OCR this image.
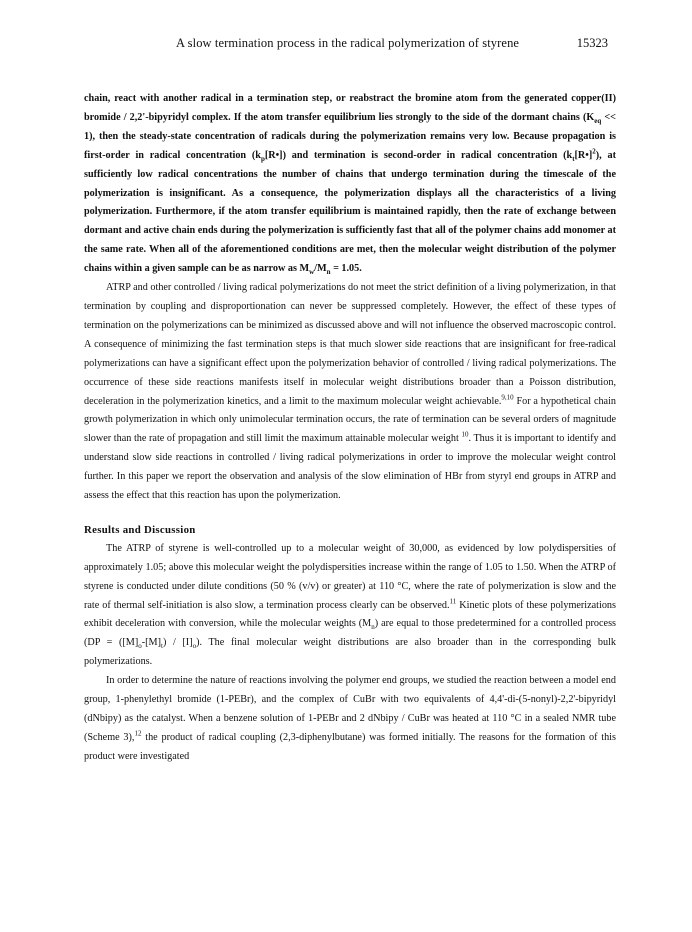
A slow termination process in the radical polymerization of styrene	15323

chain, react with another radical in a termination step, or reabstract the bromine atom from the generated copper(II) bromide / 2,2'-bipyridyl complex. If the atom transfer equilibrium lies strongly to the side of the dormant chains $(K_{eq} << 1)$, then the steady-state concentration of radicals during the polymerization remains very low. Because propagation is first-order in radical concentration $(k_p[R•])$ and termination is second-order in radical concentration $(k_t[R•]^2)$, at sufficiently low radical concentrations the number of chains that undergo termination during the timescale of the polymerization is insignificant. As a consequence, the polymerization displays all the characteristics of a living polymerization. Furthermore, if the atom transfer equilibrium is maintained rapidly, then the rate of exchange between dormant and active chain ends during the polymerization is sufficiently fast that all of the polymer chains add monomer at the same rate. When all of the aforementioned conditions are met, then the molecular weight distribution of the polymer chains within a given sample can be as narrow as $M_w/M_n = 1.05$.

ATRP and other controlled / living radical polymerizations do not meet the strict definition of a living polymerization, in that termination by coupling and disproportionation can never be suppressed completely. However, the effect of these types of termination on the polymerizations can be minimized as discussed above and will not influence the observed macroscopic control. A consequence of minimizing the fast termination steps is that much slower side reactions that are insignificant for free-radical polymerizations can have a significant effect upon the polymerization behavior of controlled / living radical polymerizations. The occurrence of these side reactions manifests itself in molecular weight distributions broader than a Poisson distribution, deceleration in the polymerization kinetics, and a limit to the maximum molecular weight achievable.$^{9,10}$ For a hypothetical chain growth polymerization in which only unimolecular termination occurs, the rate of termination can be several orders of magnitude slower than the rate of propagation and still limit the maximum attainable molecular weight $^{10}$. Thus it is important to identify and understand slow side reactions in controlled / living radical polymerizations in order to improve the molecular weight control further. In this paper we report the observation and analysis of the slow elimination of HBr from styryl end groups in ATRP and assess the effect that this reaction has upon the polymerization.

Results and Discussion

The ATRP of styrene is well-controlled up to a molecular weight of 30,000, as evidenced by low polydispersities of approximately 1.05; above this molecular weight the polydispersities increase within the range of 1.05 to 1.50. When the ATRP of styrene is conducted under dilute conditions (50 % (v/v) or greater) at 110 °C, where the rate of polymerization is slow and the rate of thermal self-initiation is also slow, a termination process clearly can be observed.$^{11}$ Kinetic plots of these polymerizations exhibit deceleration with conversion, while the molecular weights $(M_n)$ are equal to those predetermined for a controlled process $(DP = ([M]_o-[M]_t) / [I]_o)$. The final molecular weight distributions are also broader than in the corresponding bulk polymerizations.

In order to determine the nature of reactions involving the polymer end groups, we studied the reaction between a model end group, 1-phenylethyl bromide (1-PEBr), and the complex of CuBr with two equivalents of 4,4'-di-(5-nonyl)-2,2'-bipyridyl (dNbipy) as the catalyst. When a benzene solution of 1-PEBr and 2 dNbipy / CuBr was heated at 110 °C in a sealed NMR tube (Scheme 3),$^{12}$ the product of radical coupling (2,3-diphenylbutane) was formed initially. The reasons for the formation of this product were investigated
